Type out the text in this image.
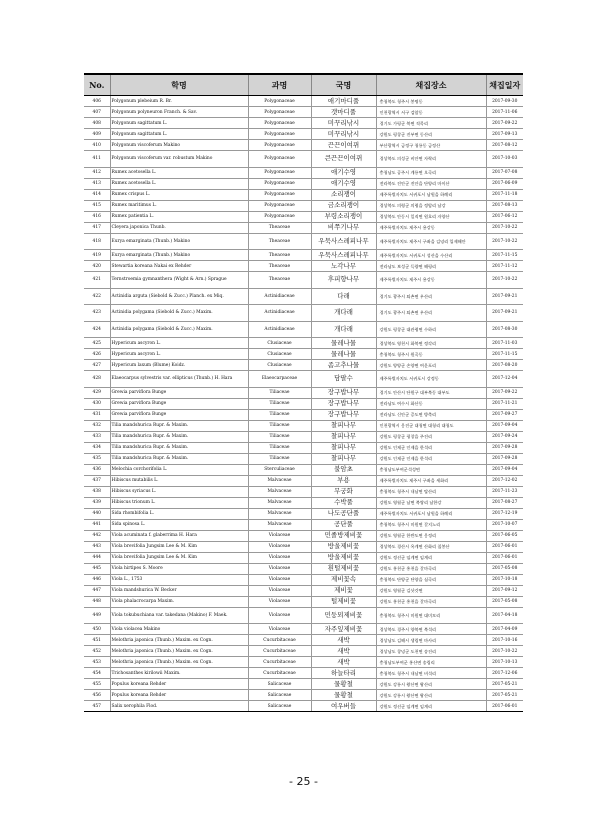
No.	학명	과명	국명	채집장소	채집일자
406	Polygonum plebeium R. Br.	Polygonaceae	애기마디풀	충청북도 청주시 봉명동	2017-09-30
407	Polygonum polyneuron Franch. & Sav.	Polygonaceae	갯마디풀	인천광역시 서구 검암동	2017-11-06
408	Polygonum sagittatum L.	Polygonaceae	미꾸리낚시	경기도 가평군 북면 적목리	2017-09-22
409	Polygonum sagittatum L.	Polygonaceae	미꾸리낚시	강원도 평창군 진부면 동산리	2017-09-13
410	Polygonum viscoferum Makino	Polygonaceae	끈끈이여뀌	부산광역시 금정구 청룡동 금정산	2017-08-12
411	Polygonum viscoferum var. robustum Makino	Polygonaceae	큰끈끈이여뀌	경상북도 의성군 비안면 자락리	2017-10-03
412	Rumex acetosella L.	Polygonaceae	애기수영	충청남도 공주시 계룡면 오곡리	2017-07-08
413	Rumex acetosella L.	Polygonaceae	애기수영	전라북도 진안군 진안읍 단양리 마이산	2017-06-09
414	Rumex crispus L.	Polygonaceae	소리쟁이	제주특별자치도 서귀포시 남원읍 하례리	2017-11-18
415	Rumex maritimus L.	Polygonaceae	금소리쟁이	경상북도 의령군 의령읍 정암리 남강	2017-08-13
416	Rumex patientia L.	Polygonaceae	부령소리쟁이	경상북도 안동시 일직면 원호리 자양산	2017-06-12
417	Cleyera japonica Thunb.	Theaceae	비쭈기나무	제주특별자치도 제주시 용강동	2017-10-22
418	Eurya emarginata (Thunb.) Makino	Theaceae	우묵사스레피나무	제주특별자치도 제주시 구좌읍 김녕리 입제해안	2017-10-22
419	Eurya emarginata (Thunb.) Makino	Theaceae	우묵사스레피나무	제주특별자치도 서귀포시 성산읍 수산리	2017-11-15
420	Stewartia koreana Nakai ex Rehder	Theaceae	노각나무	전라남도 보성군 득량면 해평리	2017-11-12
421	Ternstroemia gymnanthera (Wight & Arn.) Sprague	Theaceae	후피향나무	제주특별자치도 제주시 용강동	2017-10-22
422	Actinidia arguta (Siebold & Zucc.) Planch. ex Miq.	Actinidiaceae	다래	경기도 광주시 퇴촌면 우산리	2017-09-21
423	Actinidia polygama (Siebold & Zucc.) Maxim.	Actinidiaceae	개다래	경기도 광주시 퇴촌면 우산리	2017-09-21
424	Actinidia polygama (Siebold & Zucc.) Maxim.	Actinidiaceae	개다래	강원도 평창군 대관령면 수하리	2017-08-30
425	Hypericum ascyron L.	Clusiaceae	물레나물	경상북도 영천시 화북면 정각리	2017-11-03
426	Hypericum ascyron L.	Clusiaceae	물레나물	충청북도 청주시 원곡동	2017-11-15
427	Hypericum laxum (Blume) Koidz.	Clusiaceae	좀고추나물	강원도 양양군 손양면 여운포리	2017-08-20
428	Elaeocarpus sylvestris var. ellipticus (Thunb.) H. Hara	Elaeocarpaceae	담팔수	제주특별자치도 서귀포시 강정동	2017-12-04
429	Grewia parviflora Bunge	Tiliaceae	장구밥나무	경기도 안산시 단원구 대부북동 대부도	2017-09-22
430	Grewia parviflora Bunge	Tiliaceae	장구밥나무	전라남도 여수시 화산동	2017-11-21
431	Grewia parviflora Bunge	Tiliaceae	장구밥나무	전라남도 신안군 증도면 방축리	2017-09-27
432	Tilia mandshurica Rupr. & Maxim.	Tiliaceae	찰피나무	인천광역시 옹진군 대청면 대청리 대청도	2017-09-04
433	Tilia mandshurica Rupr. & Maxim.	Tiliaceae	찰피나무	강원도 평창군 평창읍 주진리	2017-09-24
434	Tilia mandshurica Rupr. & Maxim.	Tiliaceae	찰피나무	강원도 인제군 인제읍 한석리	2017-09-28
435	Tilia mandshurica Rupr. & Maxim.	Tiliaceae	찰피나무	강원도 인제군 인제읍 한석리	2017-09-28
436	Melochia corchorifolia L.	Sterculiaceae	불암초	충청남도부여군석성면	2017-09-04
437	Hibiscus mutabilis L.	Malvaceae	부용	제주특별자치도 제주시 구좌읍 세화리	2017-12-02
438	Hibiscus syriacus L.	Malvaceae	무궁화	충청북도 청주시 내남면 탑산리	2017-11-23
439	Hibiscus trionum L.	Malvaceae	수박풀	강원도 영월군 남면 북쌍리 남한강	2017-08-27
440	Sida rhombifolia L.	Malvaceae	나도공단풀	제주특별자치도 서귀포시 남원읍 하례리	2017-12-19
441	Sida spinosa L.	Malvaceae	공단풀	충청북도 청주시 미원면 갈지노리	2017-10-07
442	Viola acuminata f. glaberrima H. Hara	Violaceae	민졸방제비꽃	강원도 영월군 한반도면 옹정리	2017-06-05
443	Viola brevifolia Jungsim Lee & M. Kim	Violaceae	방울제비꽃	경상북도 경산시 옥계면 산화리 칠봉산	2017-06-01
444	Viola brevifolia Jungsim Lee & M. Kim	Violaceae	방울제비꽃	강원도 정선군 임계면 임계리	2017-06-01
445	Viola hirtipes S. Moore	Violaceae	흰털제비꽃	강원도 홍천군 홍천읍 갈마곡리	2017-05-08
446	Viola L., 1753	Violaceae	제비꽃속	충청북도 단양군 단양읍 심곡리	2017-10-18
447	Viola mandshurica W. Becker	Violaceae	제비꽃	강원도 영월군 김삿갓면	2017-09-12
448	Viola phalacrocarpa Maxim.	Violaceae	털제비꽃	강원도 홍천군 홍천읍 갈마곡리	2017-05-08
449	Viola tokubuchiana var. takedana (Makino) F. Maek.	Violaceae	민둥뫼제비꽃	충청북도 청주시 미원면 대미모리	2017-04-18
450	Viola violacea Makino	Violaceae	자주잎제비꽃	경상북도 경주시 양북면 북석리	2017-04-09
451	Melothria japonica (Thunb.) Maxim. ex Cogn.	Cucurbitaceae	새박	경상남도 김해시 생림면 마사리	2017-10-16
452	Melothria japonica (Thunb.) Maxim. ex Cogn.	Cucurbitaceae	새박	경상남도 창녕군 도천면 송진리	2017-10-22
453	Melothria japonica (Thunb.) Maxim. ex Cogn.	Cucurbitaceae	새박	충청남도부여군 홍산면 송림리	2017-10-13
454	Trichosanthes kirilowii Maxim.	Cucurbitaceae	하늘타리	충청북도 청주시 내남면 비석리	2017-12-06
455	Populus koreana Rehder	Salicaceae	물황철	강원도 강릉시 왕산면 왕산리	2017-05-21
456	Populus koreana Rehder	Salicaceae	물황철	강원도 강릉시 왕산면 왕산리	2017-05-21
457	Salix xerophila Flod.	Salicaceae	여우버들	강원도 정선군 임계면 임계리	2017-06-01
- 25 -
